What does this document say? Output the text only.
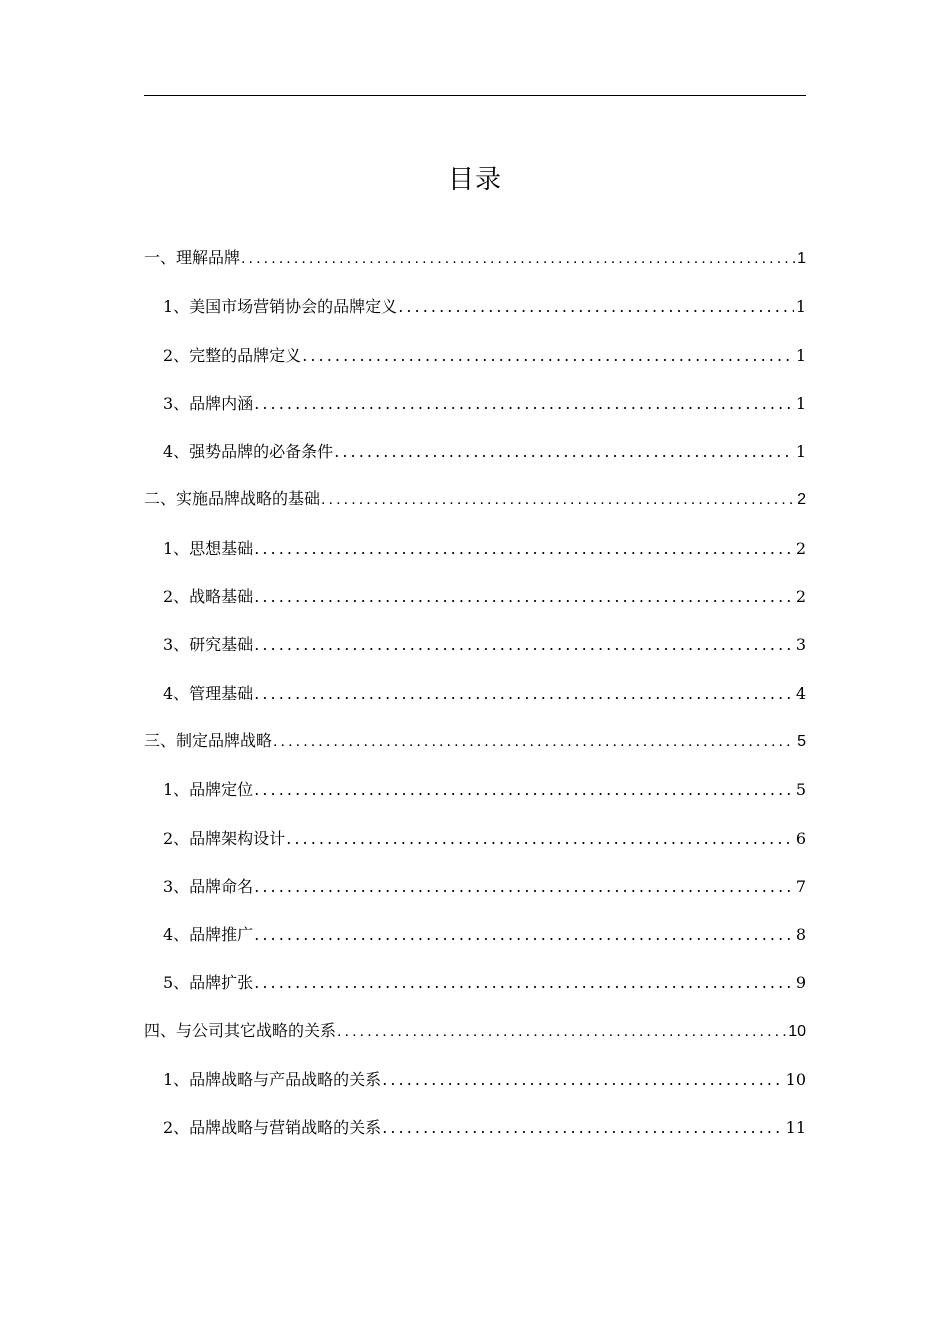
目录
一、理解品牌 .....	1
1、美国市场营销协会的品牌定义 .....	1
2、完整的品牌定义 .....	1
3、品牌内涵 .....	1
4、强势品牌的必备条件 .....	1
二、实施品牌战略的基础 .....	2
1、思想基础 .....	2
2、战略基础 .....	2
3、研究基础 .....	3
4、管理基础 .....	4
三、制定品牌战略 .....	5
1、品牌定位 .....	5
2、品牌架构设计 .....	6
3、品牌命名 .....	7
4、品牌推广 .....	8
5、品牌扩张 .....	9
四、与公司其它战略的关系 .....	10
1、品牌战略与产品战略的关系 .....	10
2、品牌战略与营销战略的关系 .....	11
